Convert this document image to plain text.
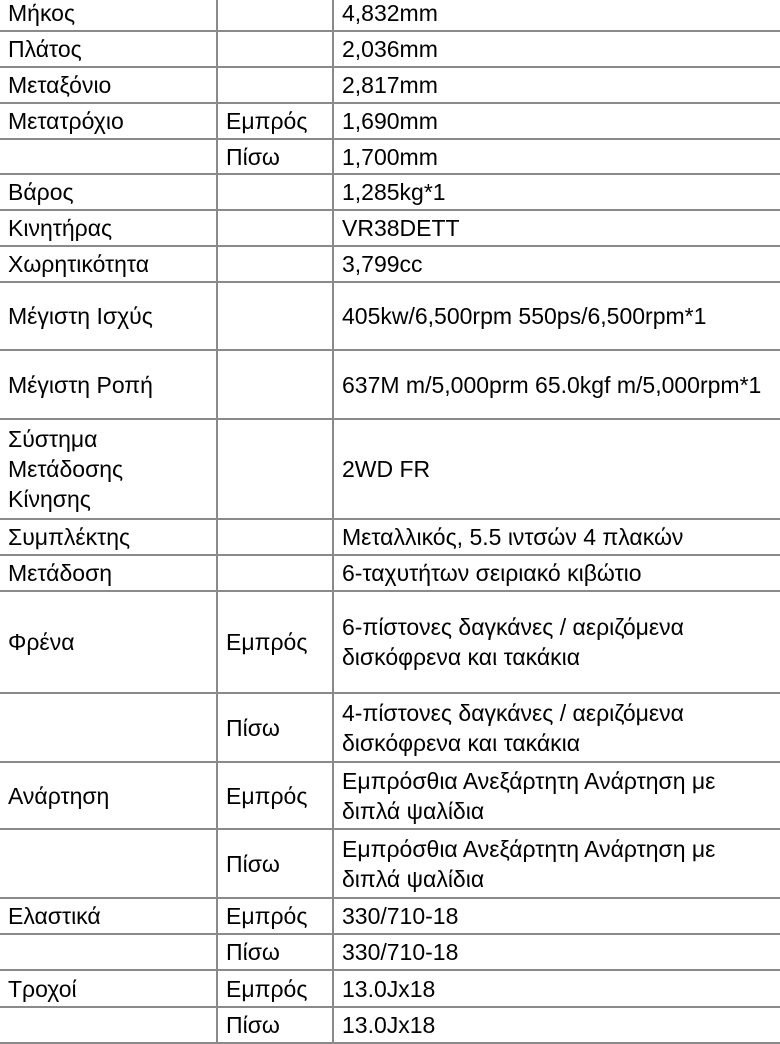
Μήκος		4,832mm
Πλάτος		2,036mm
Μεταξόνιο		2,817mm
Μετατρόχιο	Εμπρός	1,690mm
	Πίσω	1,700mm
Βάρος		1,285kg*1
Κινητήρας		VR38DETT
Χωρητικότητα		3,799cc
Μέγιστη Ισχύς		405kw/6,500rpm 550ps/6,500rpm*1
Μέγιστη Ροπή		637M m/5,000prm 65.0kgf m/5,000rpm*1
Σύστημα Μετάδοσης Κίνησης		2WD FR
Συμπλέκτης		Μεταλλικός, 5.5 ιντσών 4 πλακών
Μετάδοση		6-ταχυτήτων σειριακό κιβώτιο
Φρένα	Εμπρός	6-πίστονες δαγκάνες / αεριζόμενα δισκόφρενα και τακάκια
	Πίσω	4-πίστονες δαγκάνες / αεριζόμενα δισκόφρενα και τακάκια
Ανάρτηση	Εμπρός	Εμπρόσθια Ανεξάρτητη Ανάρτηση με διπλά ψαλίδια
	Πίσω	Εμπρόσθια Ανεξάρτητη Ανάρτηση με διπλά ψαλίδια
Ελαστικά	Εμπρός	330/710-18
	Πίσω	330/710-18
Τροχοί	Εμπρός	13.0Jx18
	Πίσω	13.0Jx18
